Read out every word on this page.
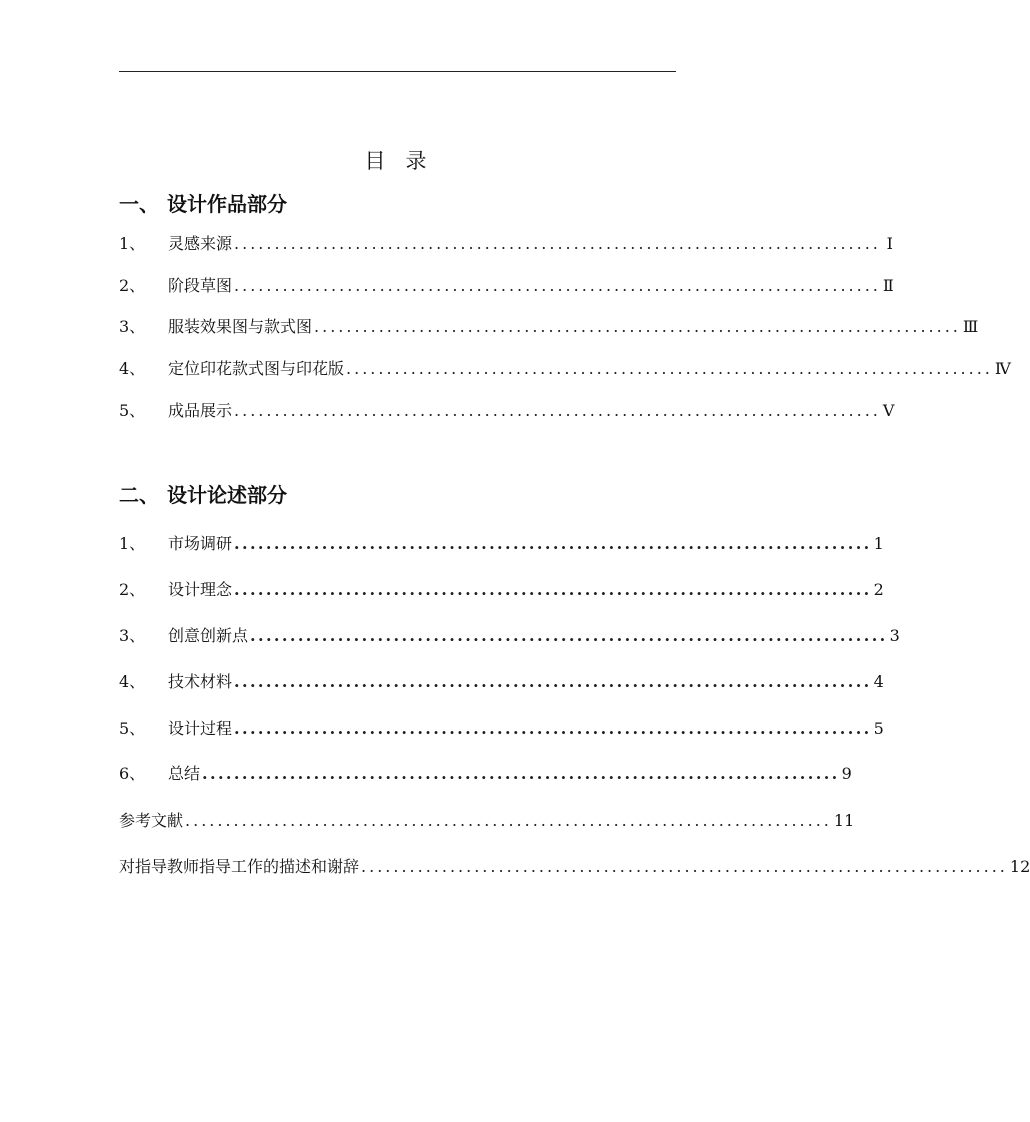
目 录
一、 设计作品部分
1、	灵感来源 ................................................................................ Ⅰ
2、	阶段草图 ................................................................................ Ⅱ
3、	服装效果图与款式图 ................................................................................ Ⅲ
4、	定位印花款式图与印花版 ................................................................................ Ⅳ
5、	成品展示 ................................................................................ Ⅴ
二、 设计论述部分
1、	市场调研 ................................................................................ 1
2、	设计理念 ................................................................................ 2
3、	创意创新点 ................................................................................ 3
4、	技术材料 ................................................................................ 4
5、	设计过程 ................................................................................ 5
6、	总结 ................................................................................ 9
参考文献 ................................................................................ 11
对指导教师指导工作的描述和谢辞 ................................................................................ 12
